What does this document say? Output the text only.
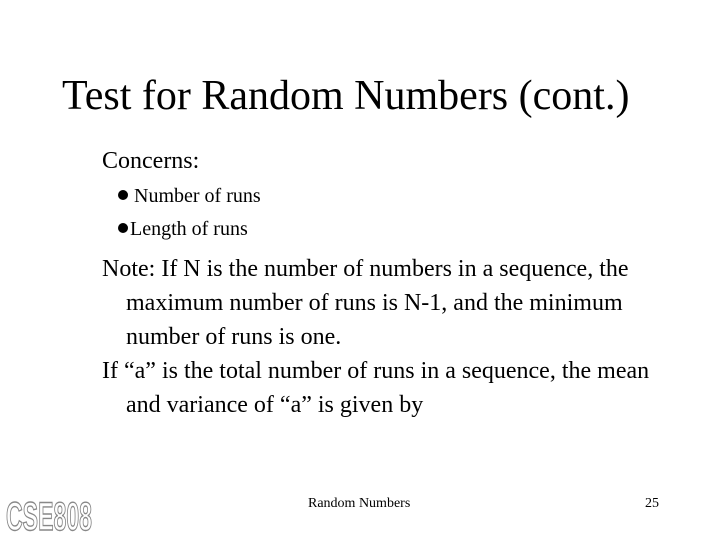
Test for Random Numbers (cont.)

Concerns:

Number of runs
Length of runs

Note: If N is the number of numbers in a sequence, the maximum number of runs is N-1, and the minimum number of runs is one.

If “a” is the total number of runs in a sequence, the mean and variance of “a” is given by

CSE808	Random Numbers	25
